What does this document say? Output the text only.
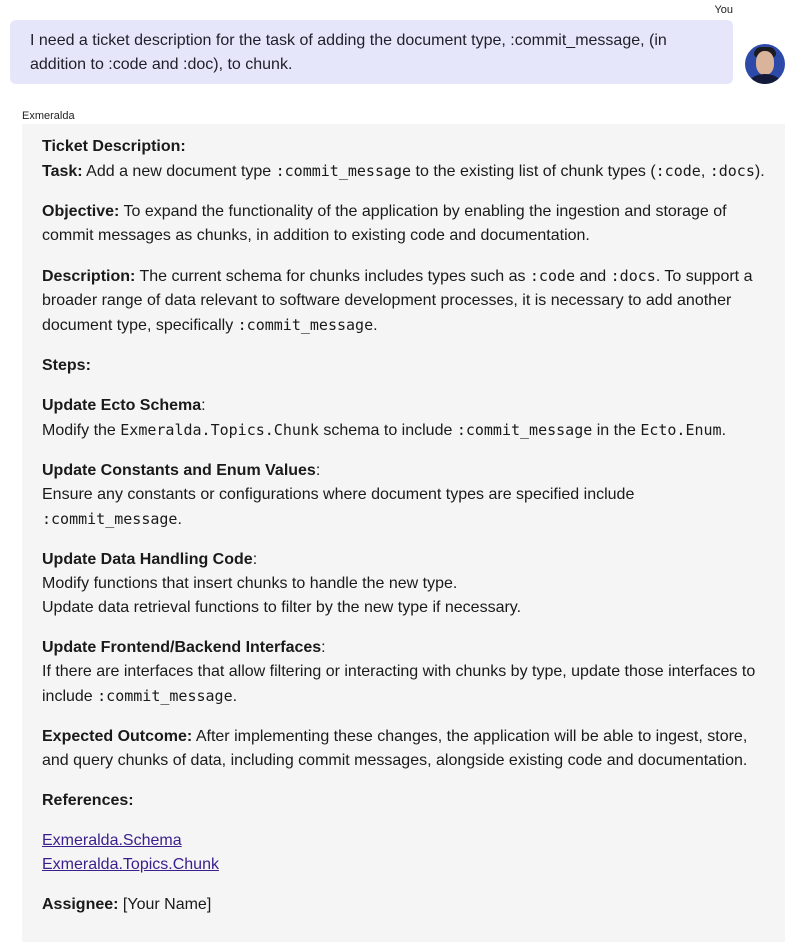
You
I need a ticket description for the task of adding the document type, :commit_message, (in addition to :code and :doc), to chunk.
Exmeralda

Ticket Description:

Task: Add a new document type :commit_message to the existing list of chunk types (:code, :docs).

Objective: To expand the functionality of the application by enabling the ingestion and storage of commit messages as chunks, in addition to existing code and documentation.

Description: The current schema for chunks includes types such as :code and :docs. To support a broader range of data relevant to software development processes, it is necessary to add another document type, specifically :commit_message.

Steps:

Update Ecto Schema:
Modify the Exmeralda.Topics.Chunk schema to include :commit_message in the Ecto.Enum.

Update Constants and Enum Values:
Ensure any constants or configurations where document types are specified include :commit_message.

Update Data Handling Code:
Modify functions that insert chunks to handle the new type.
Update data retrieval functions to filter by the new type if necessary.

Update Frontend/Backend Interfaces:
If there are interfaces that allow filtering or interacting with chunks by type, update those interfaces to include :commit_message.

Expected Outcome: After implementing these changes, the application will be able to ingest, store, and query chunks of data, including commit messages, alongside existing code and documentation.

References:

Exmeralda.Schema
Exmeralda.Topics.Chunk

Assignee: [Your Name]
